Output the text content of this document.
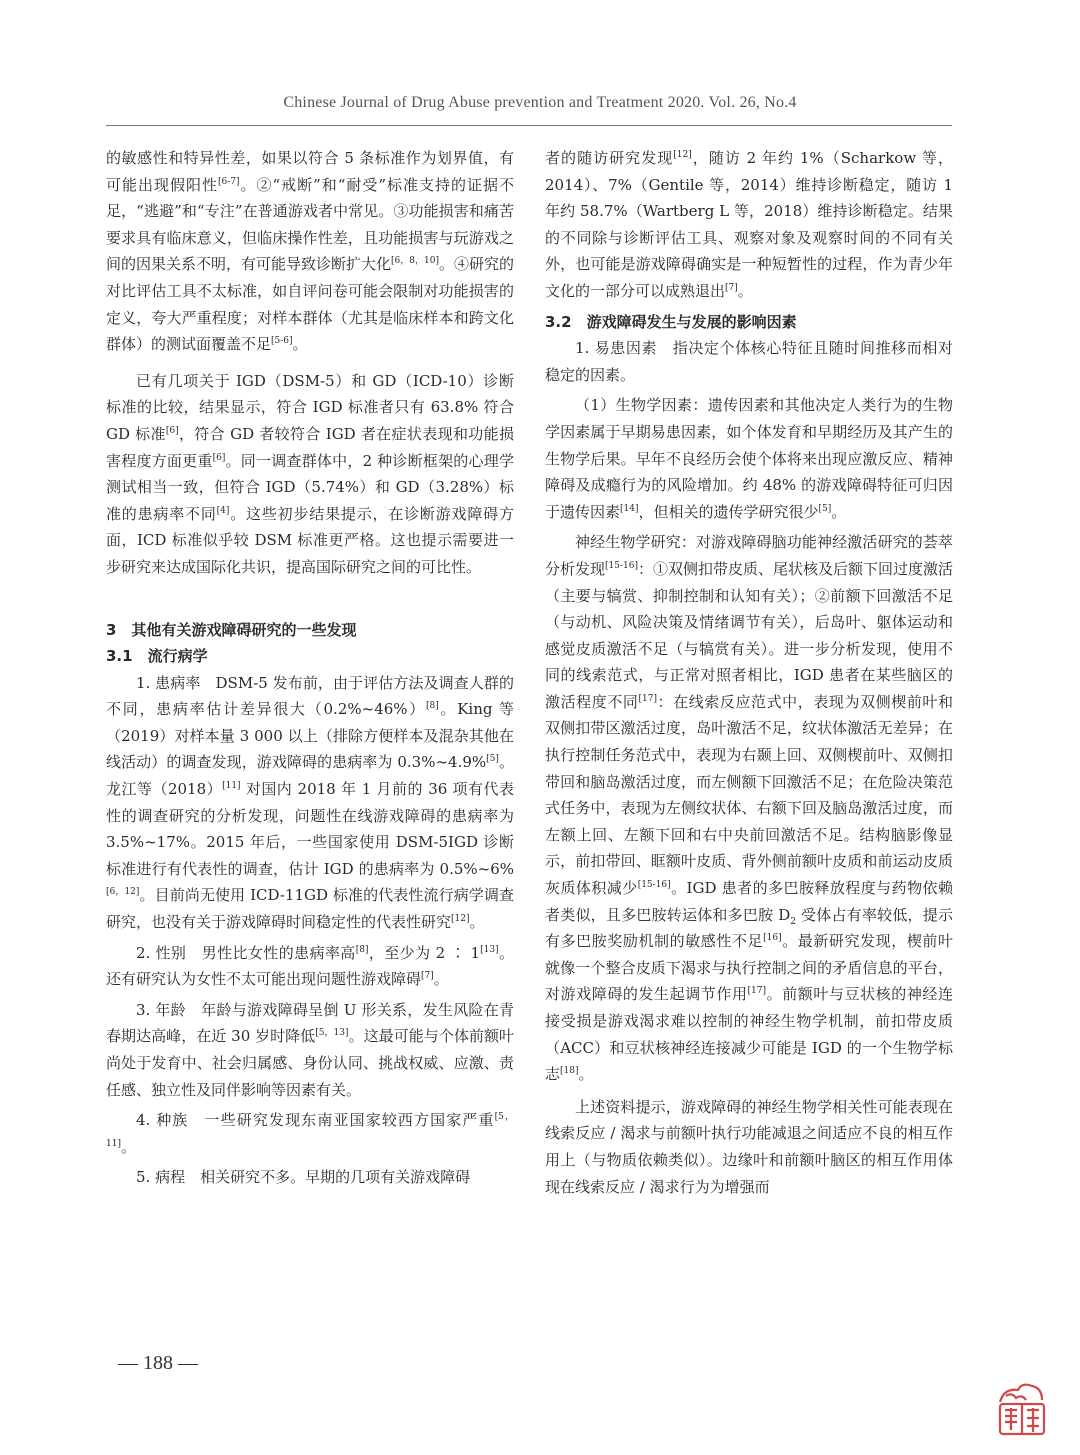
Chinese Journal of Drug Abuse prevention and Treatment 2020. Vol. 26, No.4

的敏感性和特异性差，如果以符合 5 条标准作为划界值，有可能出现假阳性[6-7]。②“戒断”和“耐受”标准支持的证据不足，“逃避”和“专注”在普通游戏者中常见。③功能损害和痛苦要求具有临床意义，但临床操作性差，且功能损害与玩游戏之间的因果关系不明，有可能导致诊断扩大化[6，8，10]。④研究的对比评估工具不太标准，如自评问卷可能会限制对功能损害的定义，夸大严重程度；对样本群体（尤其是临床样本和跨文化群体）的测试面覆盖不足[5-6]。

已有几项关于 IGD（DSM-5）和 GD（ICD-10）诊断标准的比较，结果显示，符合 IGD 标准者只有 63.8% 符合 GD 标准[6]，符合 GD 者较符合 IGD 者在症状表现和功能损害程度方面更重[6]。同一调查群体中，2 种诊断框架的心理学测试相当一致，但符合 IGD（5.74%）和 GD（3.28%）标准的患病率不同[4]。这些初步结果提示，在诊断游戏障碍方面，ICD 标准似乎较 DSM 标准更严格。这也提示需要进一步研究来达成国际化共识，提高国际研究之间的可比性。

3　其他有关游戏障碍研究的一些发现
3.1　流行病学

1. 患病率　DSM-5 发布前，由于评估方法及调查人群的不同，患病率估计差异很大（0.2%~46%）[8]。King 等（2019）对样本量 3 000 以上（排除方便样本及混杂其他在线活动）的调查发现，游戏障碍的患病率为 0.3%~4.9%[5]。龙江等（2018）[11] 对国内 2018 年 1 月前的 36 项有代表性的调查研究的分析发现，问题性在线游戏障碍的患病率为 3.5%~17%。2015 年后，一些国家使用 DSM-5IGD 诊断标准进行有代表性的调查，估计 IGD 的患病率为 0.5%~6%[6，12]。目前尚无使用 ICD-11GD 标准的代表性流行病学调查研究，也没有关于游戏障碍时间稳定性的代表性研究[12]。

2. 性别　男性比女性的患病率高[8]，至少为 2 ∶ 1[13]。还有研究认为女性不太可能出现问题性游戏障碍[7]。

3. 年龄　年龄与游戏障碍呈倒 U 形关系，发生风险在青春期达高峰，在近 30 岁时降低[5，13]。这最可能与个体前额叶尚处于发育中、社会归属感、身份认同、挑战权威、应激、责任感、独立性及同伴影响等因素有关。

4. 种族　一些研究发现东南亚国家较西方国家严重[5，11]。

5. 病程　相关研究不多。早期的几项有关游戏障碍

者的随访研究发现[12]，随访 2 年约 1%（Scharkow 等，2014）、7%（Gentile 等，2014）维持诊断稳定，随访 1 年约 58.7%（Wartberg L 等，2018）维持诊断稳定。结果的不同除与诊断评估工具、观察对象及观察时间的不同有关外，也可能是游戏障碍确实是一种短暂性的过程，作为青少年文化的一部分可以成熟退出[7]。

3.2　游戏障碍发生与发展的影响因素

1. 易患因素　指决定个体核心特征且随时间推移而相对稳定的因素。

（1）生物学因素：遗传因素和其他决定人类行为的生物学因素属于早期易患因素，如个体发育和早期经历及其产生的生物学后果。早年不良经历会使个体将来出现应激反应、精神障碍及成瘾行为的风险增加。约 48% 的游戏障碍特征可归因于遗传因素[14]，但相关的遗传学研究很少[5]。

神经生物学研究：对游戏障碍脑功能神经激活研究的荟萃分析发现[15-16]：①双侧扣带皮质、尾状核及后额下回过度激活（主要与犒赏、抑制控制和认知有关）；②前额下回激活不足（与动机、风险决策及情绪调节有关），后岛叶、躯体运动和感觉皮质激活不足（与犒赏有关）。进一步分析发现，使用不同的线索范式，与正常对照者相比，IGD 患者在某些脑区的激活程度不同[17]：在线索反应范式中，表现为双侧楔前叶和双侧扣带区激活过度，岛叶激活不足，纹状体激活无差异；在执行控制任务范式中，表现为右颞上回、双侧楔前叶、双侧扣带回和脑岛激活过度，而左侧额下回激活不足；在危险决策范式任务中，表现为左侧纹状体、右额下回及脑岛激活过度，而左额上回、左额下回和右中央前回激活不足。结构脑影像显示，前扣带回、眶额叶皮质、背外侧前额叶皮质和前运动皮质灰质体积减少[15-16]。IGD 患者的多巴胺释放程度与药物依赖者类似，且多巴胺转运体和多巴胺 $D_2$ 受体占有率较低，提示有多巴胺奖励机制的敏感性不足[16]。最新研究发现，楔前叶就像一个整合皮质下渴求与执行控制之间的矛盾信息的平台，对游戏障碍的发生起调节作用[17]。前额叶与豆状核的神经连接受损是游戏渴求难以控制的神经生物学机制，前扣带皮质（ACC）和豆状核神经连接减少可能是 IGD 的一个生物学标志[18]。

上述资料提示，游戏障碍的神经生物学相关性可能表现在线索反应 / 渴求与前额叶执行功能减退之间适应不良的相互作用上（与物质依赖类似）。边缘叶和前额叶脑区的相互作用体现在线索反应 / 渴求行为为增强而

— 188 —
